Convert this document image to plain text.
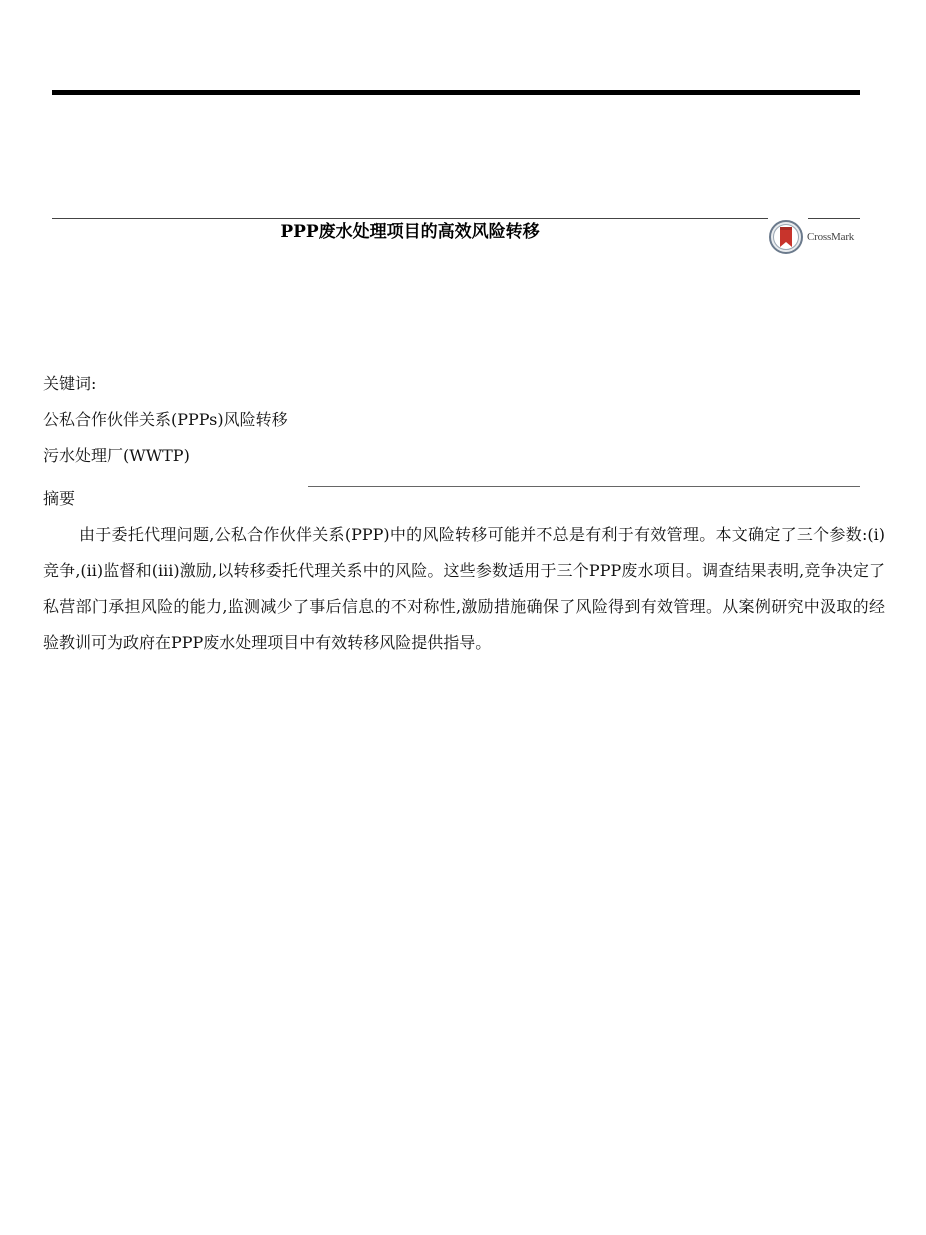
PPP废水处理项目的高效风险转移	CrossMark
关键词:
公私合作伙伴关系(PPPs)风险转移
污水处理厂(WWTP)
摘要

由于委托代理问题,公私合作伙伴关系(PPP)中的风险转移可能并不总是有利于有效管理。本文确定了三个参数:(i)竞争,(ii)监督和(iii)激励,以转移委托代理关系中的风险。这些参数适用于三个PPP废水项目。调查结果表明,竞争决定了私营部门承担风险的能力,监测减少了事后信息的不对称性,激励措施确保了风险得到有效管理。从案例研究中汲取的经验教训可为政府在PPP废水处理项目中有效转移风险提供指导。
